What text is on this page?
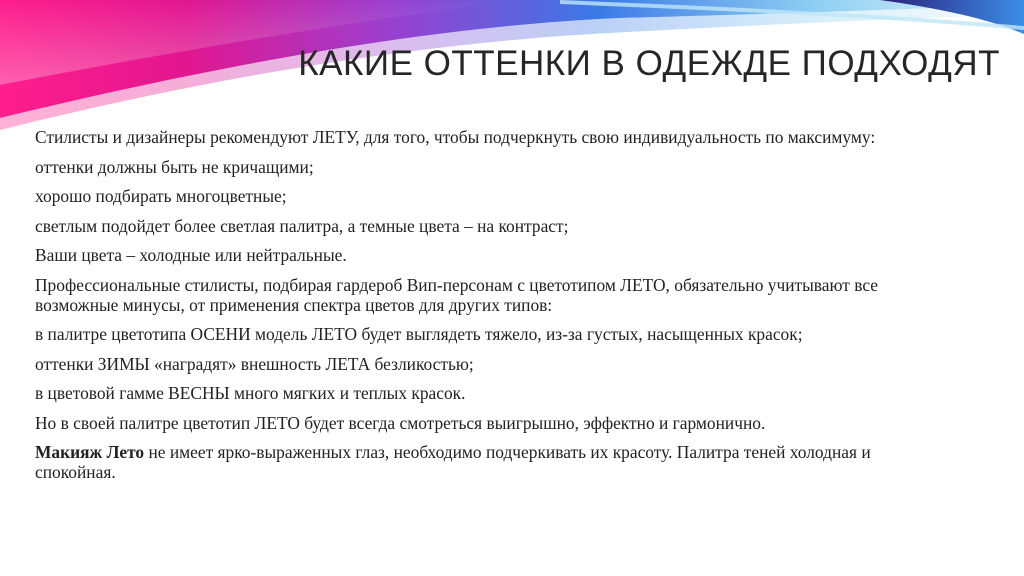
КАКИЕ ОТТЕНКИ В ОДЕЖДЕ ПОДХОДЯТ

Стилисты и дизайнеры рекомендуют ЛЕТУ, для того, чтобы подчеркнуть свою индивидуальность по максимуму:

оттенки должны быть не кричащими;

хорошо подбирать многоцветные;

светлым подойдет более светлая палитра, а темные цвета – на контраст;

Ваши цвета – холодные или нейтральные.

Профессиональные стилисты, подбирая гардероб Вип-персонам с цветотипом ЛЕТО, обязательно учитывают все возможные минусы, от применения спектра цветов для других типов:

в палитре цветотипа ОСЕНИ модель ЛЕТО будет выглядеть тяжело, из-за густых, насыщенных красок;

оттенки ЗИМЫ «наградят» внешность ЛЕТА безликостью;

в цветовой гамме ВЕСНЫ много мягких и теплых красок.

Но в своей палитре цветотип ЛЕТО будет всегда смотреться выигрышно, эффектно и гармонично.

Макияж Лето не имеет ярко-выраженных глаз, необходимо подчеркивать их красоту. Палитра теней холодная и спокойная.
